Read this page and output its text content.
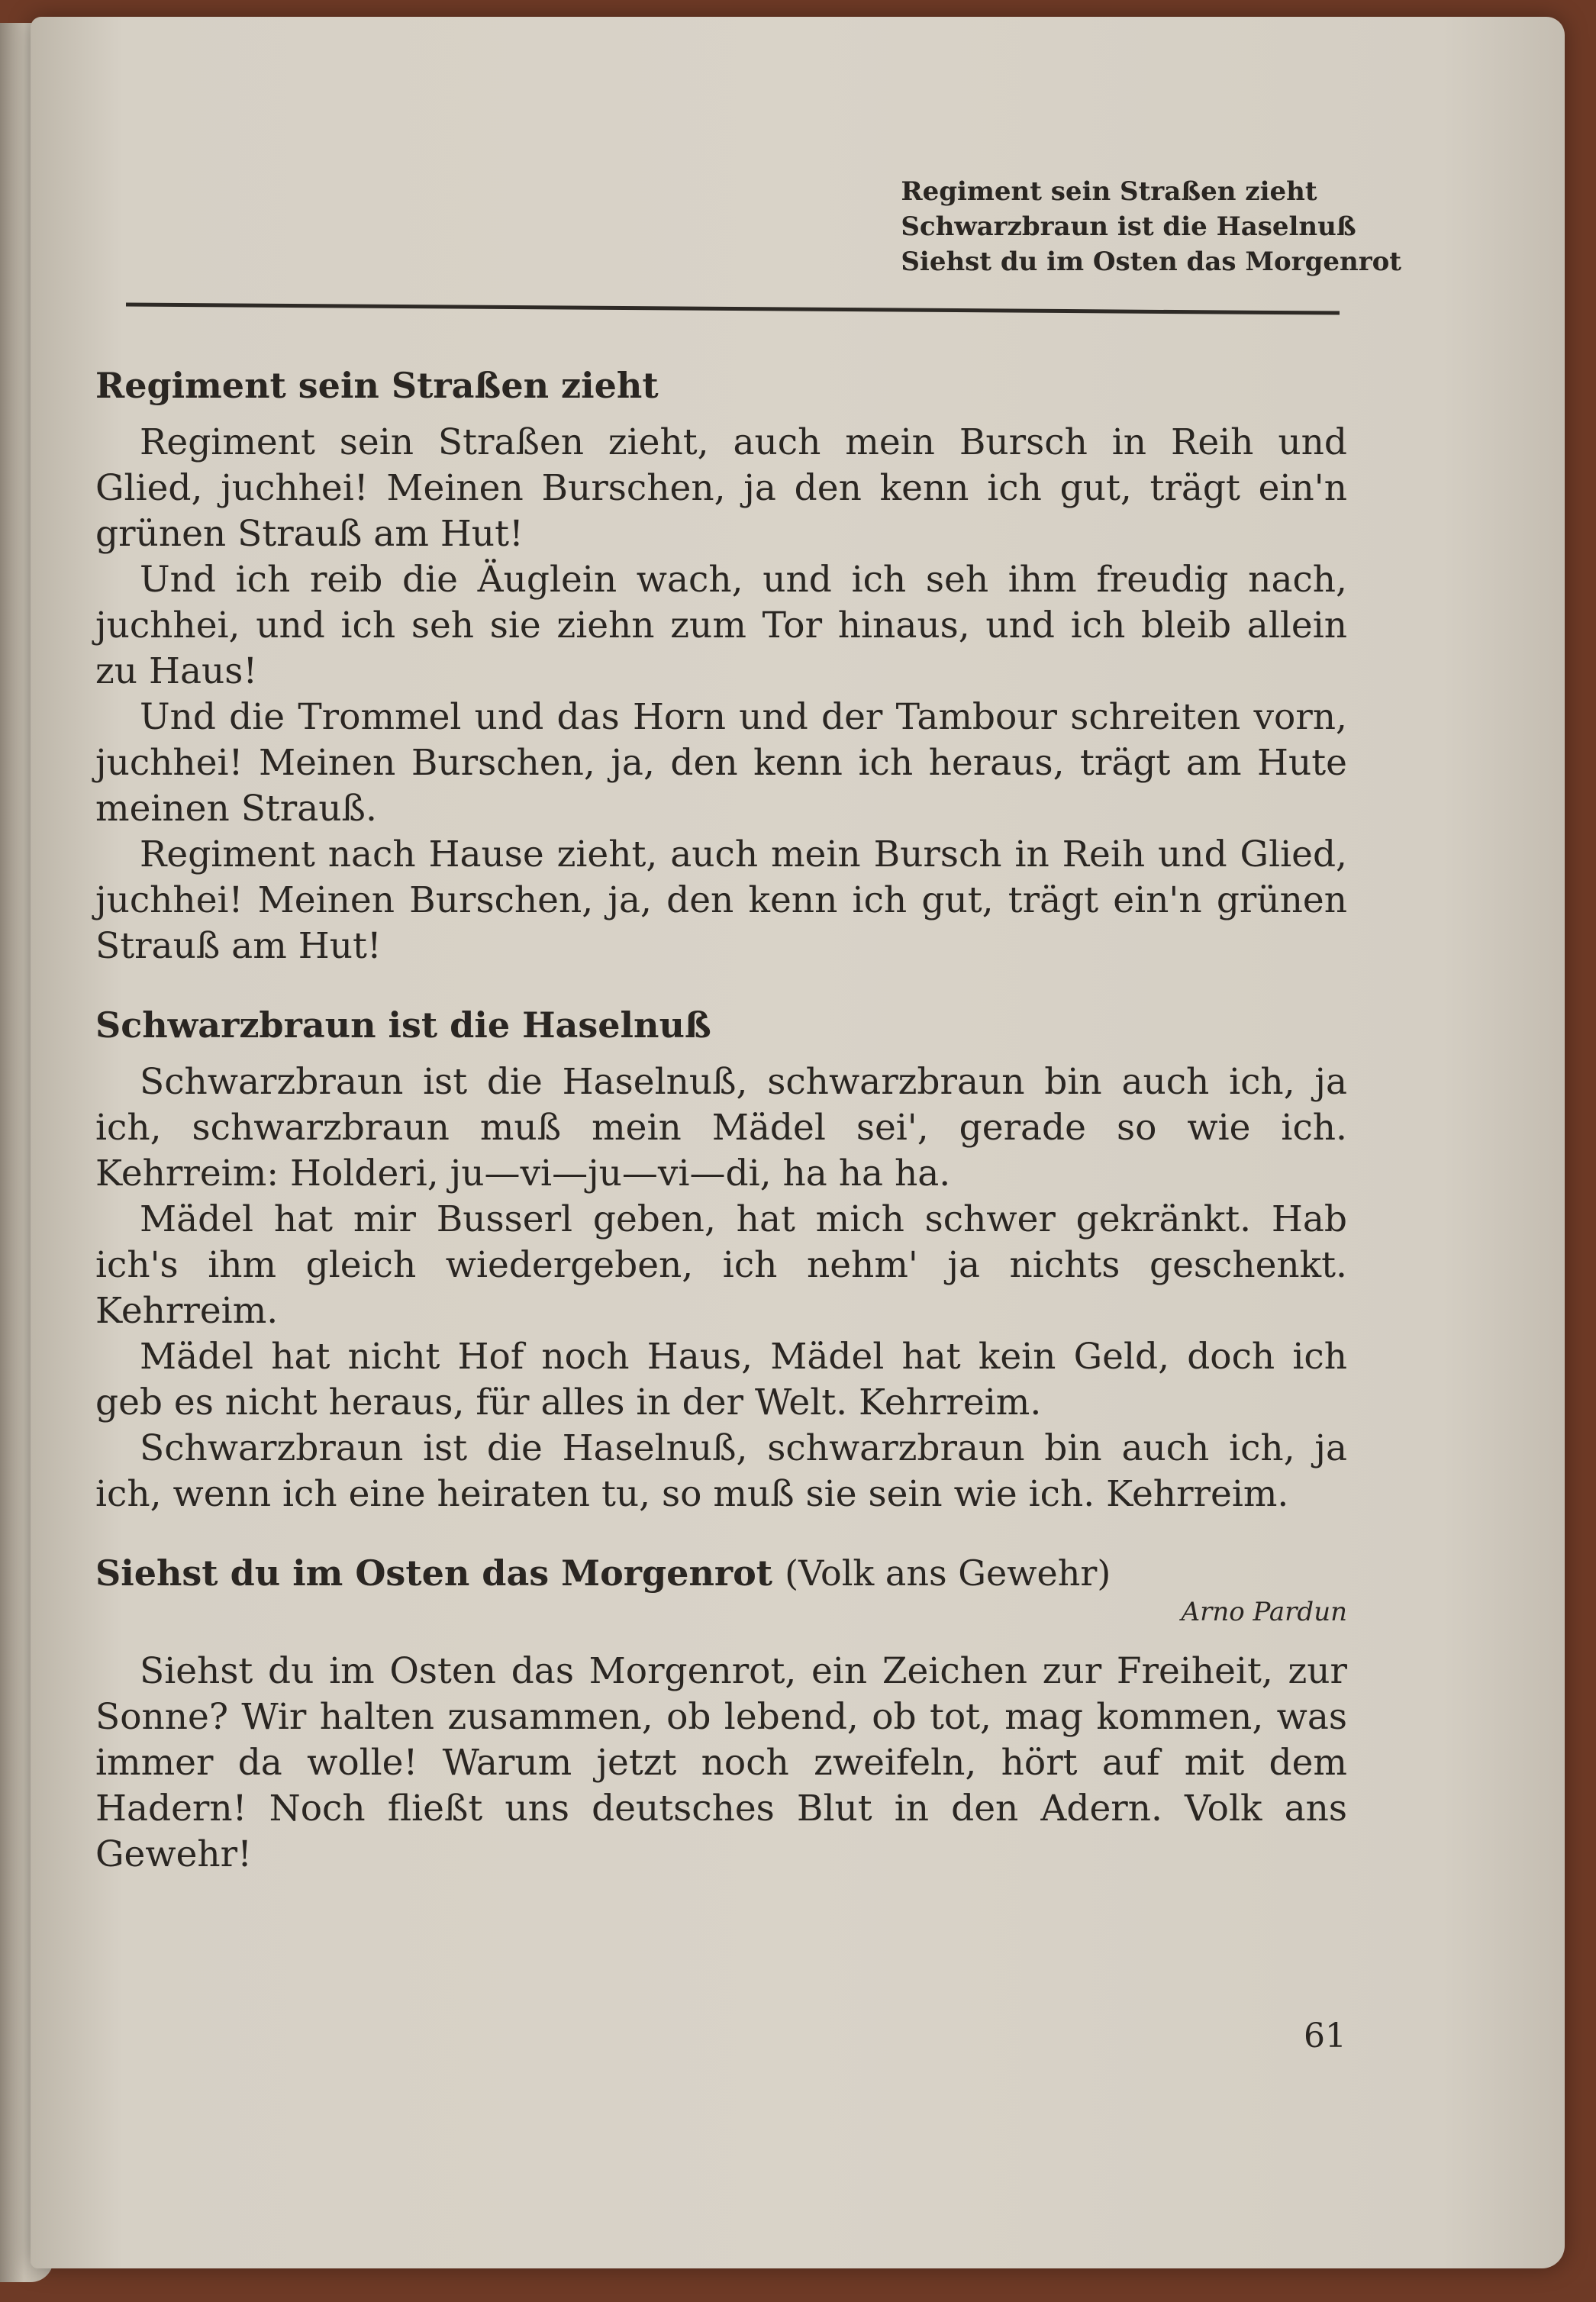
Regiment sein Straßen zieht
Schwarzbraun ist die Haselnuß
Siehst du im Osten das Morgenrot
Regiment sein Straßen zieht

Regiment sein Straßen zieht, auch mein Bursch in Reih und Glied, juchhei! Meinen Burschen, ja den kenn ich gut, trägt ein'n grünen Strauß am Hut!

Und ich reib die Äuglein wach, und ich seh ihm freudig nach, juchhei, und ich seh sie ziehn zum Tor hinaus, und ich bleib allein zu Haus!

Und die Trommel und das Horn und der Tambour schreiten vorn, juchhei! Meinen Burschen, ja, den kenn ich heraus, trägt am Hute meinen Strauß.

Regiment nach Hause zieht, auch mein Bursch in Reih und Glied, juchhei! Meinen Burschen, ja, den kenn ich gut, trägt ein'n grünen Strauß am Hut!

Schwarzbraun ist die Haselnuß

Schwarzbraun ist die Haselnuß, schwarzbraun bin auch ich, ja ich, schwarzbraun muß mein Mädel sei', gerade so wie ich. Kehrreim: Holderi, ju—vi—ju—vi—di, ha ha ha.

Mädel hat mir Busserl geben, hat mich schwer gekränkt. Hab ich's ihm gleich wiedergeben, ich nehm' ja nichts geschenkt. Kehrreim.

Mädel hat nicht Hof noch Haus, Mädel hat kein Geld, doch ich geb es nicht heraus, für alles in der Welt. Kehrreim.

Schwarzbraun ist die Haselnuß, schwarzbraun bin auch ich, ja ich, wenn ich eine heiraten tu, so muß sie sein wie ich. Kehrreim.

Siehst du im Osten das Morgenrot (Volk ans Gewehr)
Arno Pardun

Siehst du im Osten das Morgenrot, ein Zeichen zur Freiheit, zur Sonne? Wir halten zusammen, ob lebend, ob tot, mag kommen, was immer da wolle! Warum jetzt noch zweifeln, hört auf mit dem Hadern! Noch fließt uns deutsches Blut in den Adern. Volk ans Gewehr!

61
